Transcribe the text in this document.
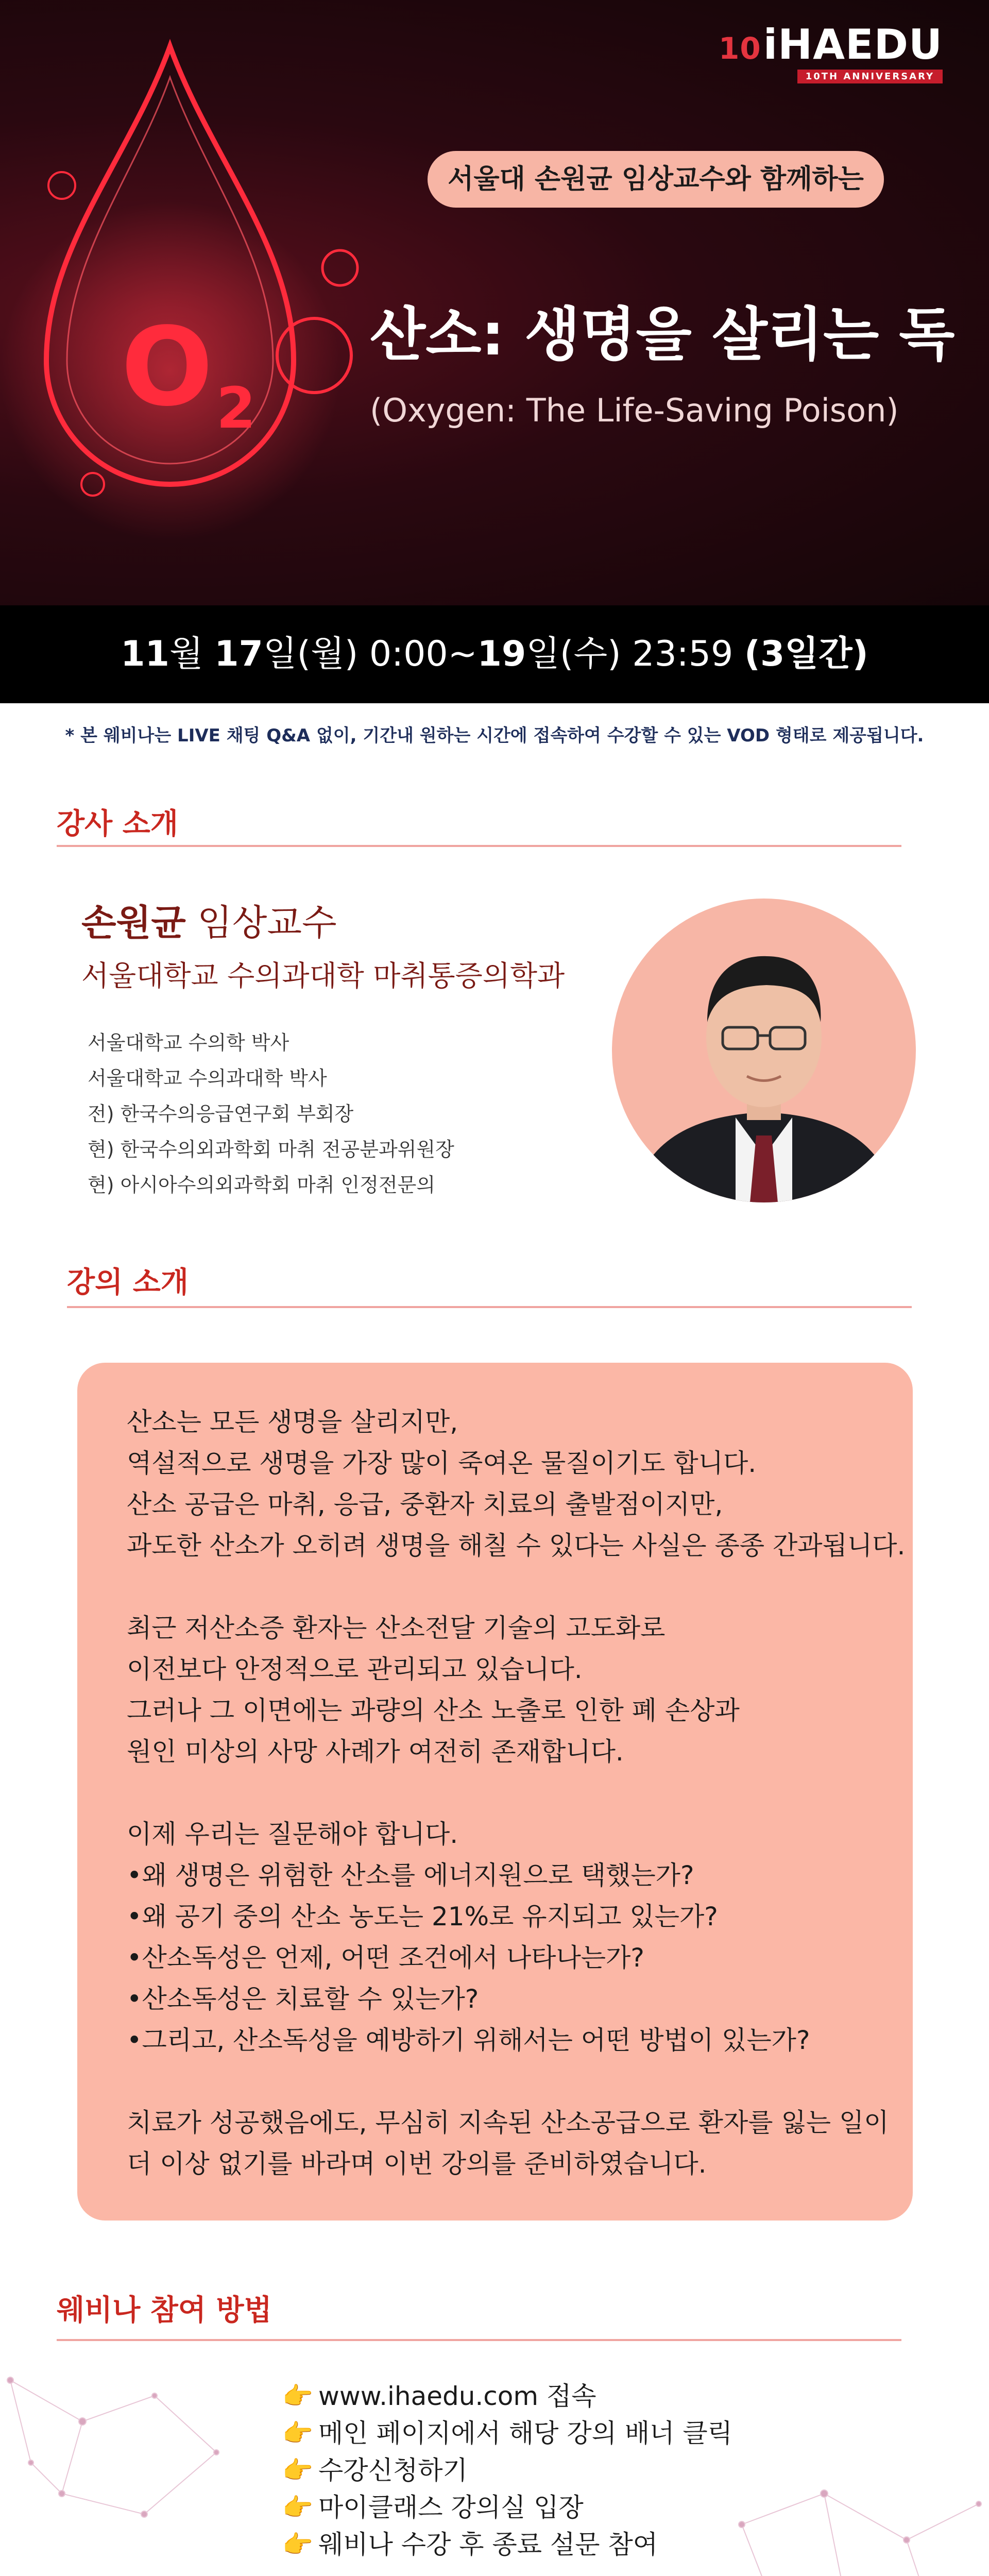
O 2
10iHAEDU
10TH ANNIVERSARY
서울대 손원균 임상교수와 함께하는
산소: 생명을 살리는 독
(Oxygen: The Life-Saving Poison)
11월 17일(월) 0:00~19일(수) 23:59 (3일간)
* 본 웨비나는 LIVE 채팅 Q&A 없이, 기간내 원하는 시간에 접속하여 수강할 수 있는 VOD 형태로 제공됩니다.
강사 소개
손원균 임상교수
서울대학교 수의과대학 마취통증의학과
서울대학교 수의학 박사
서울대학교 수의과대학 박사
전) 한국수의응급연구회 부회장
현) 한국수의외과학회 마취 전공분과위원장
현) 아시아수의외과학회 마취 인정전문의
강의 소개
산소는 모든 생명을 살리지만,
역설적으로 생명을 가장 많이 죽여온 물질이기도 합니다.
산소 공급은 마취, 응급, 중환자 치료의 출발점이지만,
과도한 산소가 오히려 생명을 해칠 수 있다는 사실은 종종 간과됩니다.
최근 저산소증 환자는 산소전달 기술의 고도화로
이전보다 안정적으로 관리되고 있습니다.
그러나 그 이면에는 과량의 산소 노출로 인한 폐 손상과
원인 미상의 사망 사례가 여전히 존재합니다.
이제 우리는 질문해야 합니다.
•왜 생명은 위험한 산소를 에너지원으로 택했는가?
•왜 공기 중의 산소 농도는 21%로 유지되고 있는가?
•산소독성은 언제, 어떤 조건에서 나타나는가?
•산소독성은 치료할 수 있는가?
•그리고, 산소독성을 예방하기 위해서는 어떤 방법이 있는가?
치료가 성공했음에도, 무심히 지속된 산소공급으로 환자를 잃는 일이
더 이상 없기를 바라며 이번 강의를 준비하였습니다.
웨비나 참여 방법
👉 www.ihaedu.com 접속
👉 메인 페이지에서 해당 강의 배너 클릭
👉 수강신청하기
👉 마이클래스 강의실 입장
👉 웨비나 수강 후 종료 설문 참여
